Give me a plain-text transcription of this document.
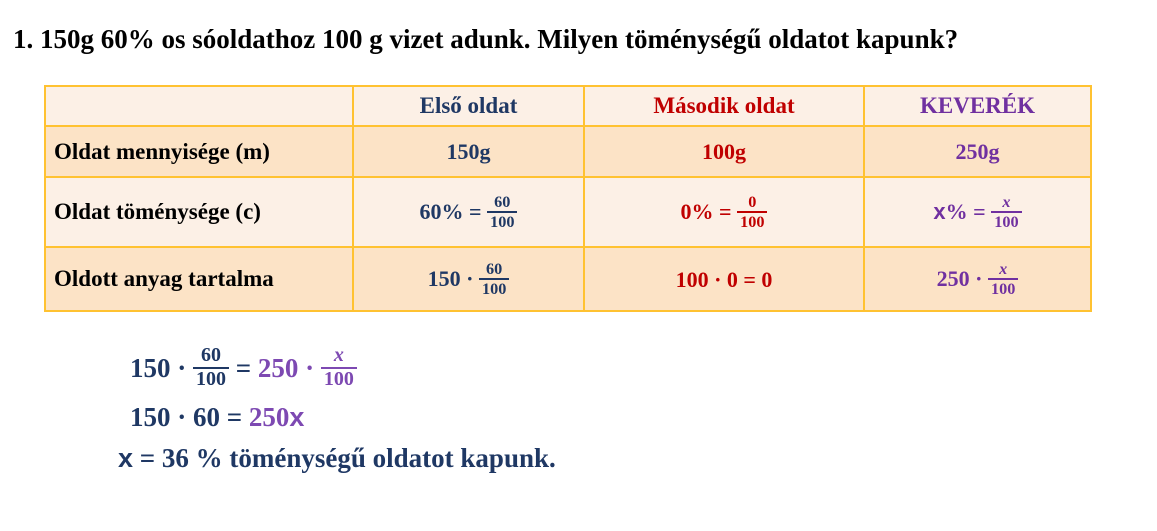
1. 150g 60% os sóoldathoz 100 g vizet adunk. Milyen töménységű oldatot kapunk?
	Első oldat	Második oldat	KEVERÉK
Oldat mennyisége (m)	150g	100g	250g

Oldat töménysége (c)	$60\% = \frac{60}{100}$	$0\% = \frac{0}{100}$	x % = $\frac{x}{100}$

Oldott anyag tartalma	$150 \cdot \frac{60}{100}$	100 · 0 = 0	$250 \cdot \frac{x}{100}$
$150 \cdot \frac{60}{100} = 250 \cdot \frac{x}{100}$
150 · 60 = 250 x
x = 36 % töménységű oldatot kapunk.
